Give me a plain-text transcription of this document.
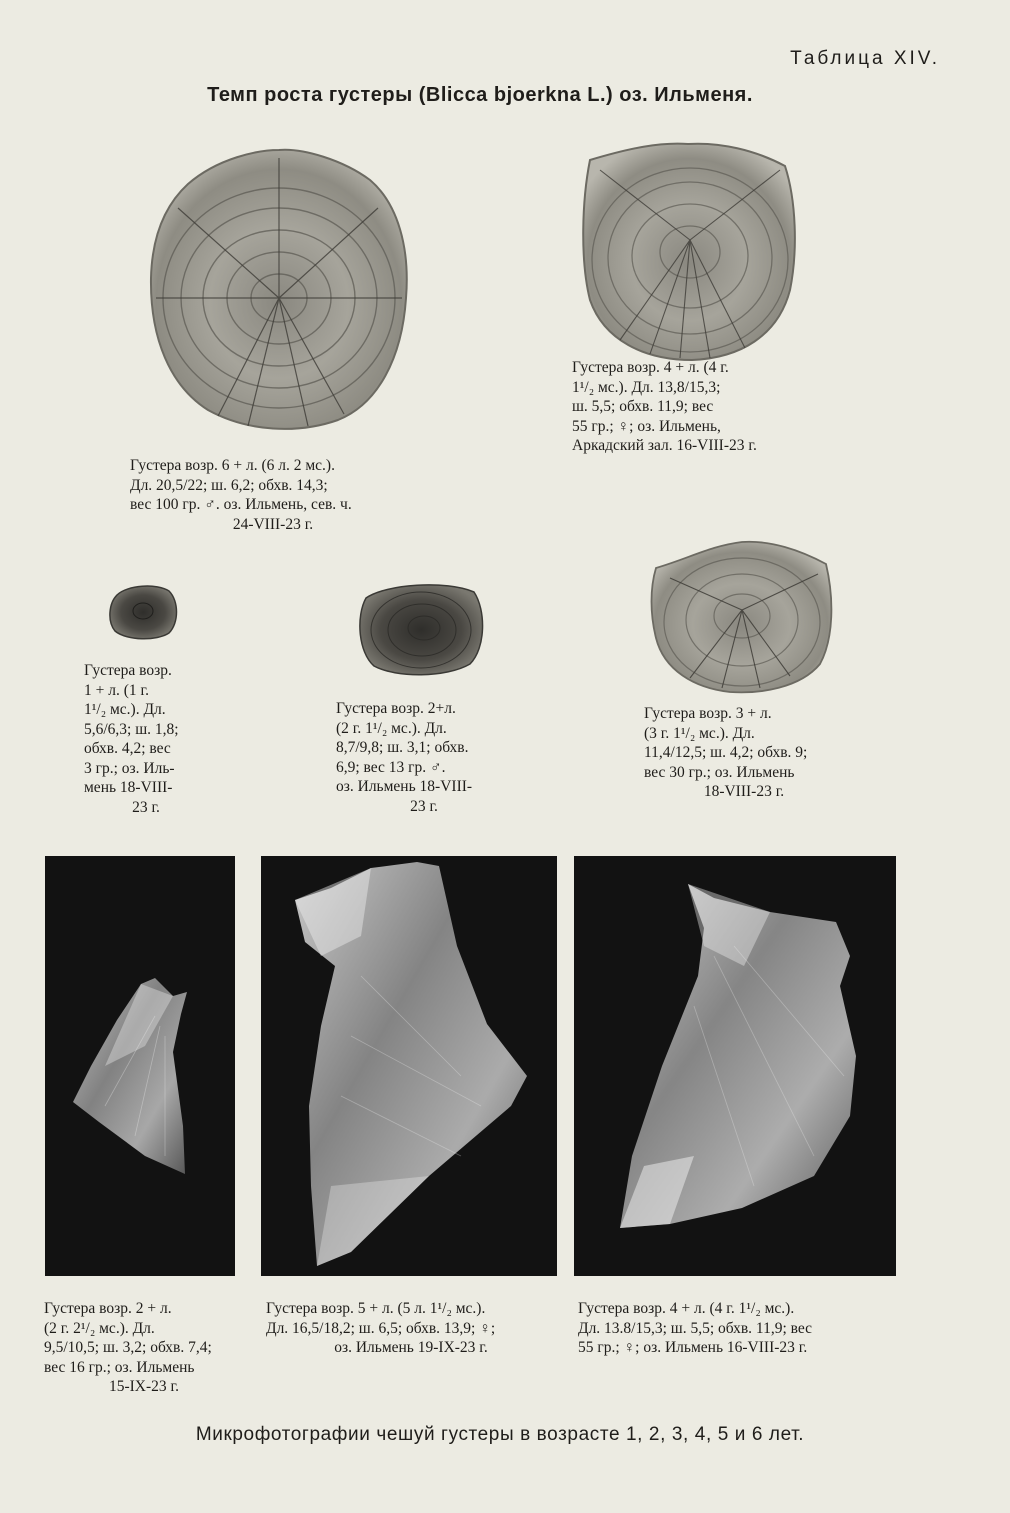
Таблица XIV.
Темп роста густеры (Blicca bjoerkna L.) оз. Ильменя.
Густера возр. 6 + л. (6 л. 2 мс.).
Дл. 20,5/22; ш. 6,2; обхв. 14,3;
вес 100 гр. ♂. оз. Ильмень, сев. ч.
24-VIII-23 г.
Густера возр. 4 + л. (4 г.
1¹/₂ мс.). Дл. 13,8/15,3;
ш. 5,5; обхв. 11,9; вес
55 гр.; ♀; оз. Ильмень,
Аркадский зал. 16-VIII-23 г.
Густера возр.
1 + л. (1 г.
1¹/₂ мс.). Дл.
5,6/6,3; ш. 1,8;
обхв. 4,2; вес
3 гр.; оз. Иль-
мень 18-VIII-
23 г.
Густера возр. 2+л.
(2 г. 1¹/₂ мс.). Дл.
8,7/9,8; ш. 3,1; обхв.
6,9; вес 13 гр. ♂.
оз. Ильмень 18-VIII-
23 г.
Густера возр. 3 + л.
(3 г. 1¹/₂ мс.). Дл.
11,4/12,5; ш. 4,2; обхв. 9;
вес 30 гр.; оз. Ильмень
18-VIII-23 г.
Густера возр. 2 + л.
(2 г. 2¹/₂ мс.). Дл.
9,5/10,5; ш. 3,2; обхв. 7,4;
вес 16 гр.; оз. Ильмень
15-IX-23 г.
Густера возр. 5 + л. (5 л. 1¹/₂ мс.).
Дл. 16,5/18,2; ш. 6,5; обхв. 13,9; ♀;
оз. Ильмень 19-IX-23 г.
Густера возр. 4 + л. (4 г. 1¹/₂ мс.).
Дл. 13.8/15,3; ш. 5,5; обхв. 11,9; вес
55 гр.; ♀; оз. Ильмень 16-VIII-23 г.
Микрофотографии чешуй густеры в возрасте 1, 2, 3, 4, 5 и 6 лет.
